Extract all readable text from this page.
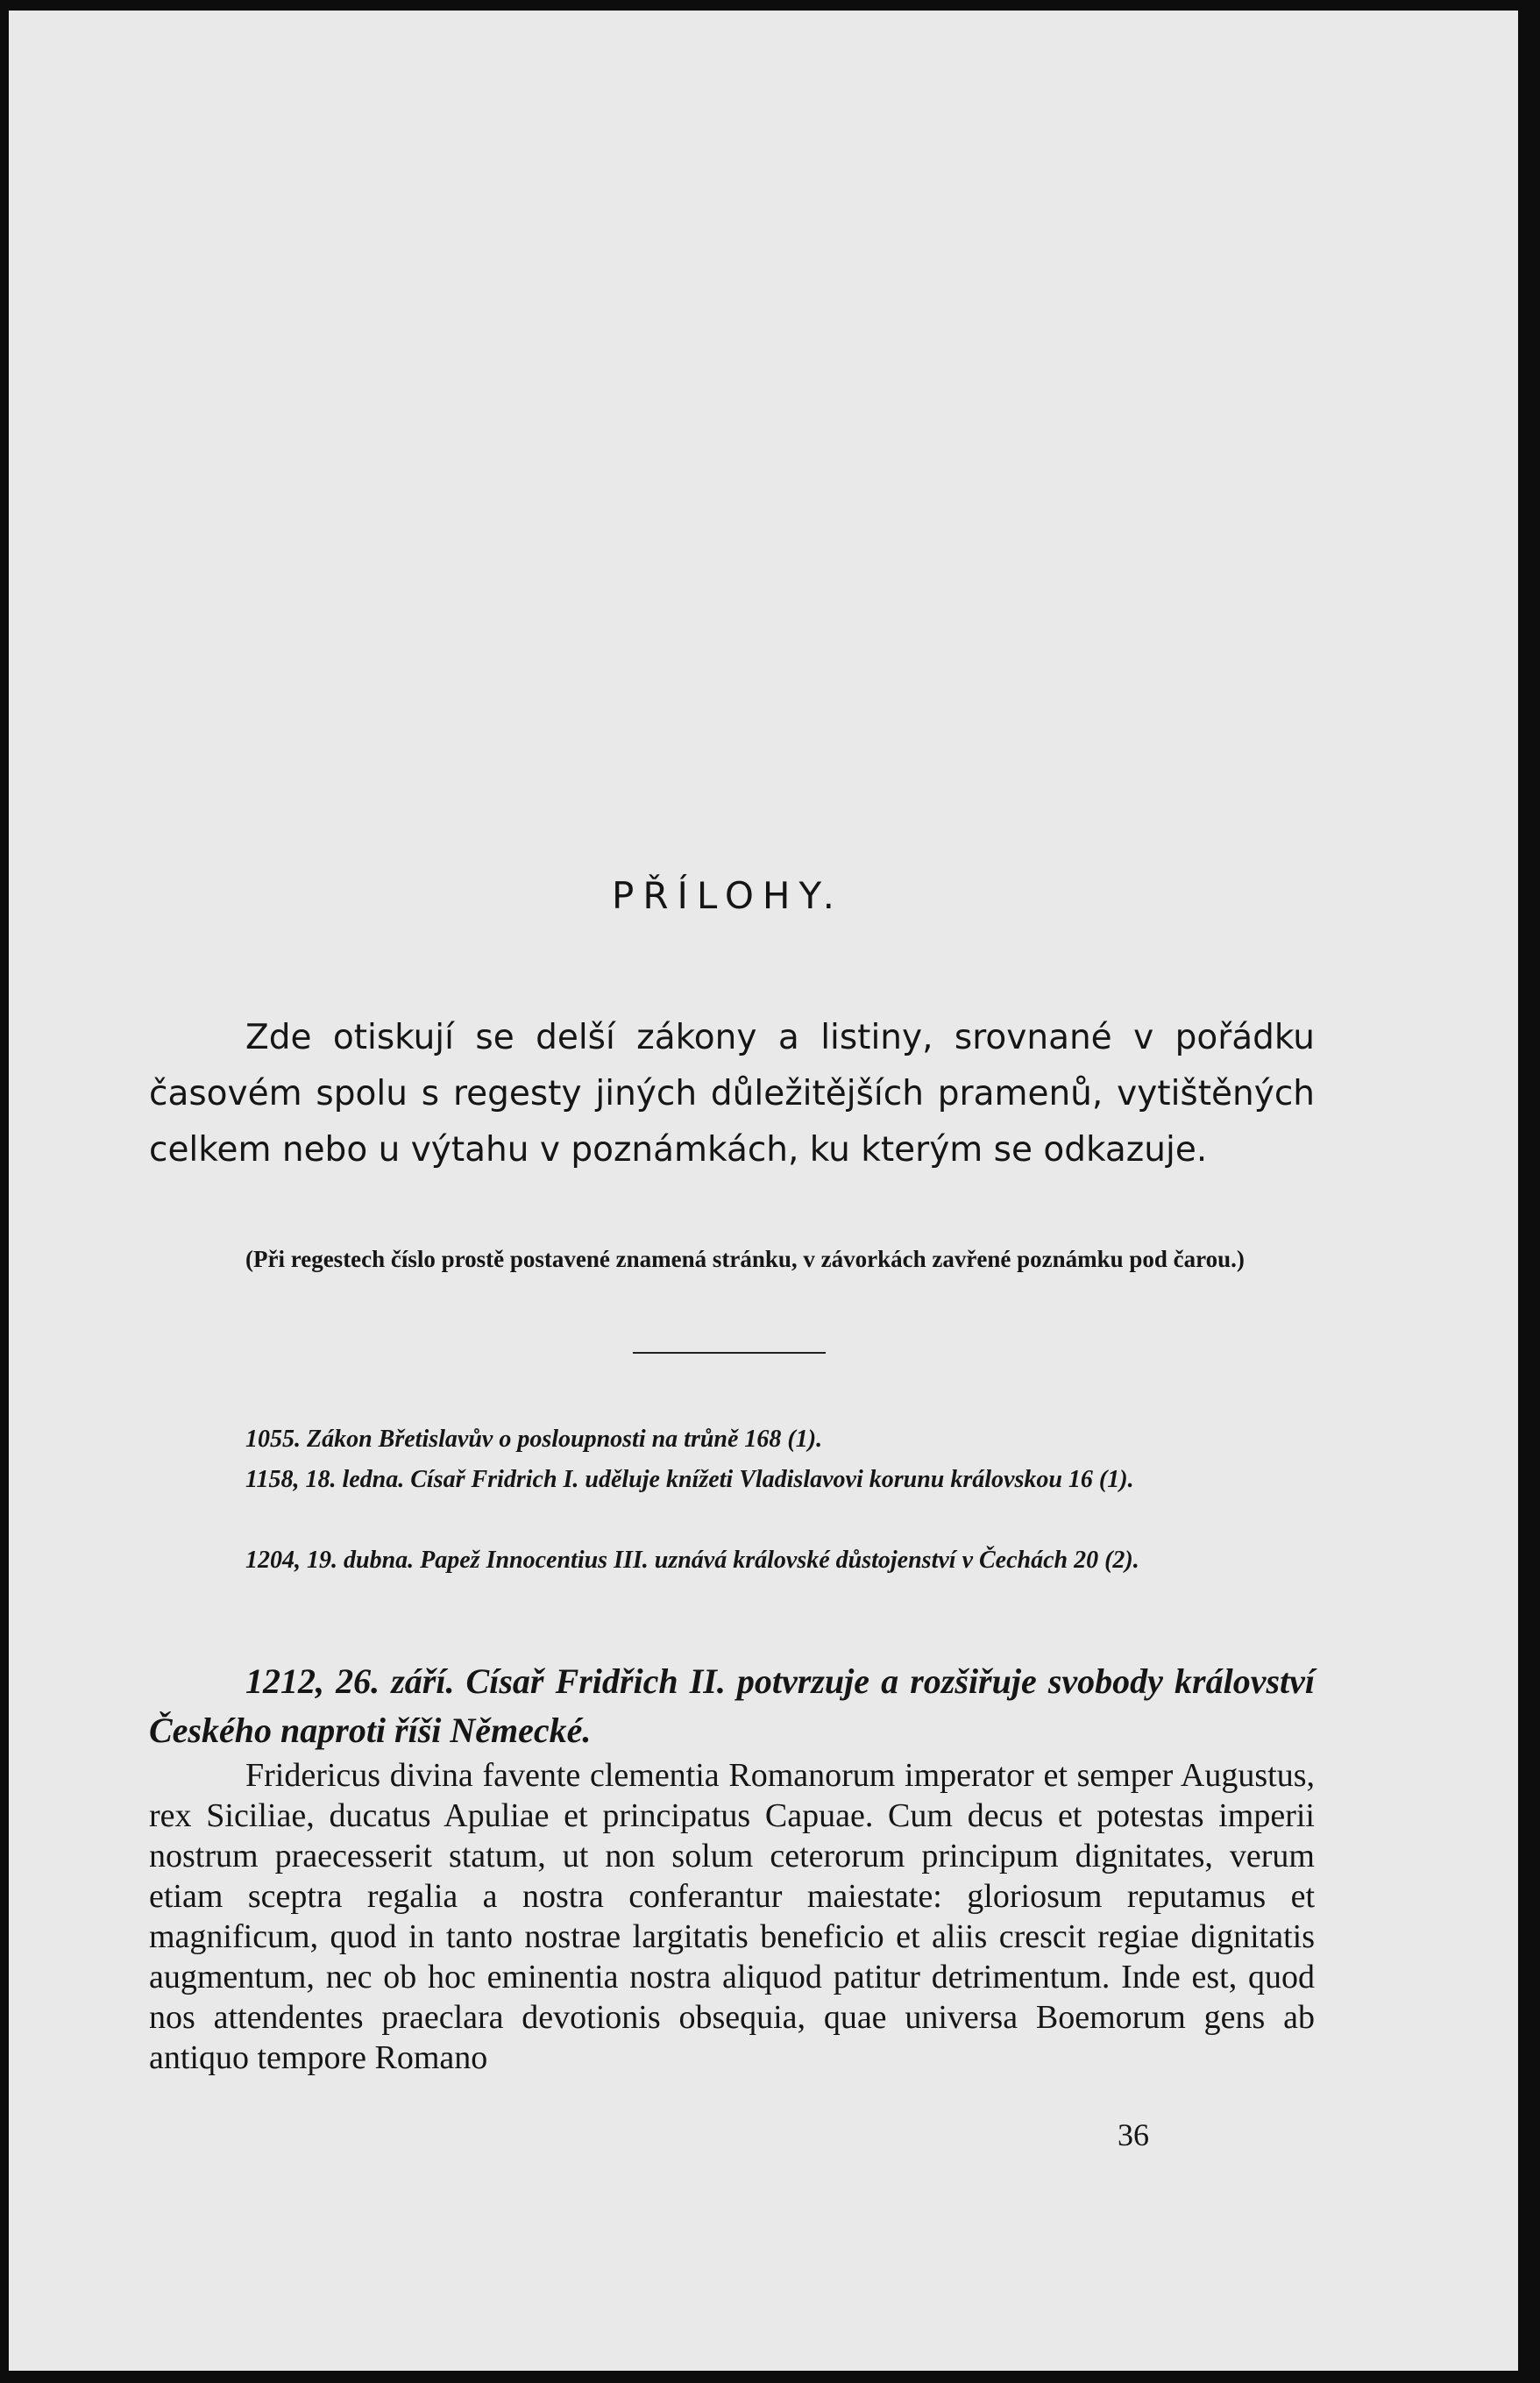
PŘÍLOHY.

Zde otiskují se delší zákony a listiny, srovnané v pořádku časovém spolu s regesty jiných důležitějších pramenů, vytištěných celkem nebo u výtahu v poznámkách, ku kterým se odkazuje.

(Při regestech číslo prostě postavené znamená stránku, v závorkách zavřené poznámku pod čarou.)

1055. Zákon Břetislavův o posloupnosti na trůně 168 (1).

1158, 18. ledna. Císař Fridrich I. uděluje knížeti Vladislavovi korunu královskou 16 (1).

1204, 19. dubna. Papež Innocentius III. uznává královské důstojenství v Čechách 20 (2).

1212, 26. září. Císař Fridřich II. potvrzuje a rozšiřuje svobody království Českého naproti říši Německé.

Fridericus divina favente clementia Romanorum imperator et semper Augustus, rex Siciliae, ducatus Apuliae et principatus Capuae. Cum decus et potestas imperii nostrum praecesserit statum, ut non solum ceterorum principum dignitates, verum etiam sceptra regalia a nostra conferantur maiestate: gloriosum reputamus et magnificum, quod in tanto nostrae largitatis beneficio et aliis crescit regiae dignitatis augmentum, nec ob hoc eminentia nostra aliquod patitur detrimentum. Inde est, quod nos attendentes praeclara devotionis obsequia, quae universa Boemorum gens ab antiquo tempore Romano

36
